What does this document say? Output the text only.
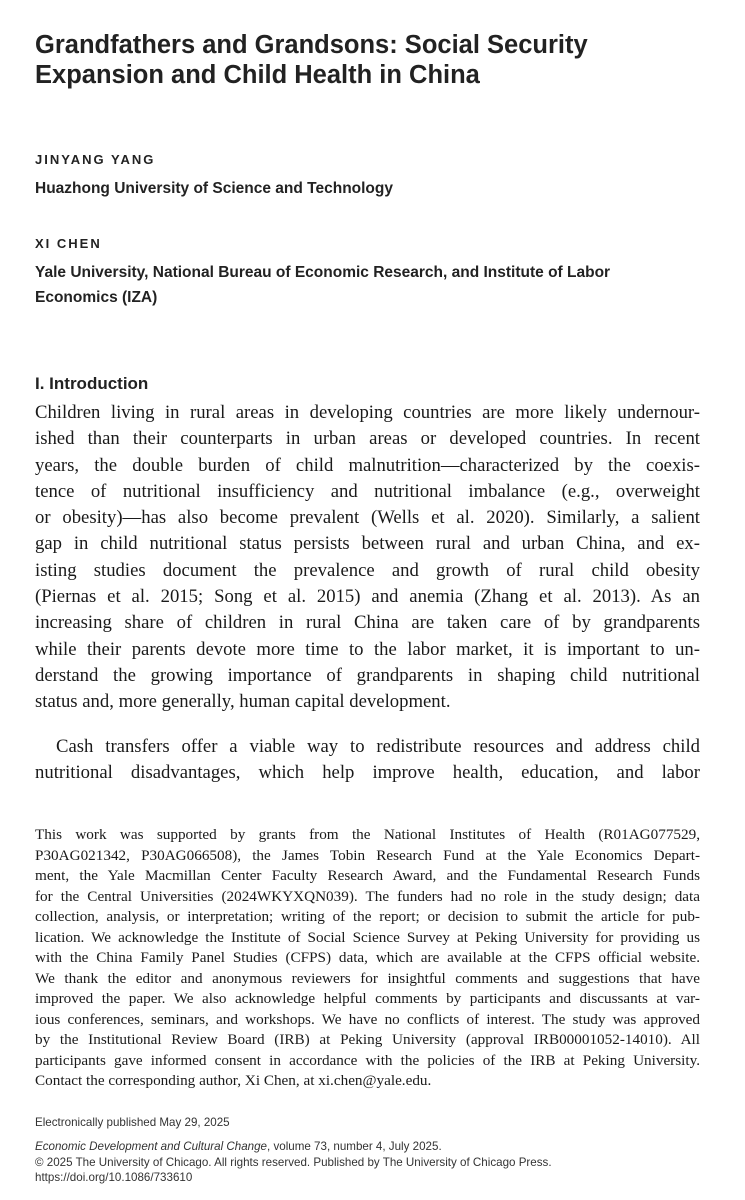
Grandfathers and Grandsons: Social Security
Expansion and Child Health in China
JINYANG YANG
Huazhong University of Science and Technology
XI CHEN
Yale University, National Bureau of Economic Research, and Institute of Labor
Economics (IZA)
I. Introduction
Children living in rural areas in developing countries are more likely undernour-
ished than their counterparts in urban areas or developed countries. In recent
years, the double burden of child malnutrition—characterized by the coexis-
tence of nutritional insufficiency and nutritional imbalance (e.g., overweight
or obesity)—has also become prevalent (Wells et al. 2020). Similarly, a salient
gap in child nutritional status persists between rural and urban China, and ex-
isting studies document the prevalence and growth of rural child obesity
(Piernas et al. 2015; Song et al. 2015) and anemia (Zhang et al. 2013). As an
increasing share of children in rural China are taken care of by grandparents
while their parents devote more time to the labor market, it is important to un-
derstand the growing importance of grandparents in shaping child nutritional
status and, more generally, human capital development.
Cash transfers offer a viable way to redistribute resources and address child
nutritional disadvantages, which help improve health, education, and labor
This work was supported by grants from the National Institutes of Health (R01AG077529,
P30AG021342, P30AG066508), the James Tobin Research Fund at the Yale Economics Depart-
ment, the Yale Macmillan Center Faculty Research Award, and the Fundamental Research Funds
for the Central Universities (2024WKYXQN039). The funders had no role in the study design; data
collection, analysis, or interpretation; writing of the report; or decision to submit the article for pub-
lication. We acknowledge the Institute of Social Science Survey at Peking University for providing us
with the China Family Panel Studies (CFPS) data, which are available at the CFPS official website.
We thank the editor and anonymous reviewers for insightful comments and suggestions that have
improved the paper. We also acknowledge helpful comments by participants and discussants at var-
ious conferences, seminars, and workshops. We have no conflicts of interest. The study was approved
by the Institutional Review Board (IRB) at Peking University (approval IRB00001052-14010). All
participants gave informed consent in accordance with the policies of the IRB at Peking University.
Contact the corresponding author, Xi Chen, at xi.chen@yale.edu.
Electronically published May 29, 2025
Economic Development and Cultural Change, volume 73, number 4, July 2025.
© 2025 The University of Chicago. All rights reserved. Published by The University of Chicago Press.
https://doi.org/10.1086/733610
